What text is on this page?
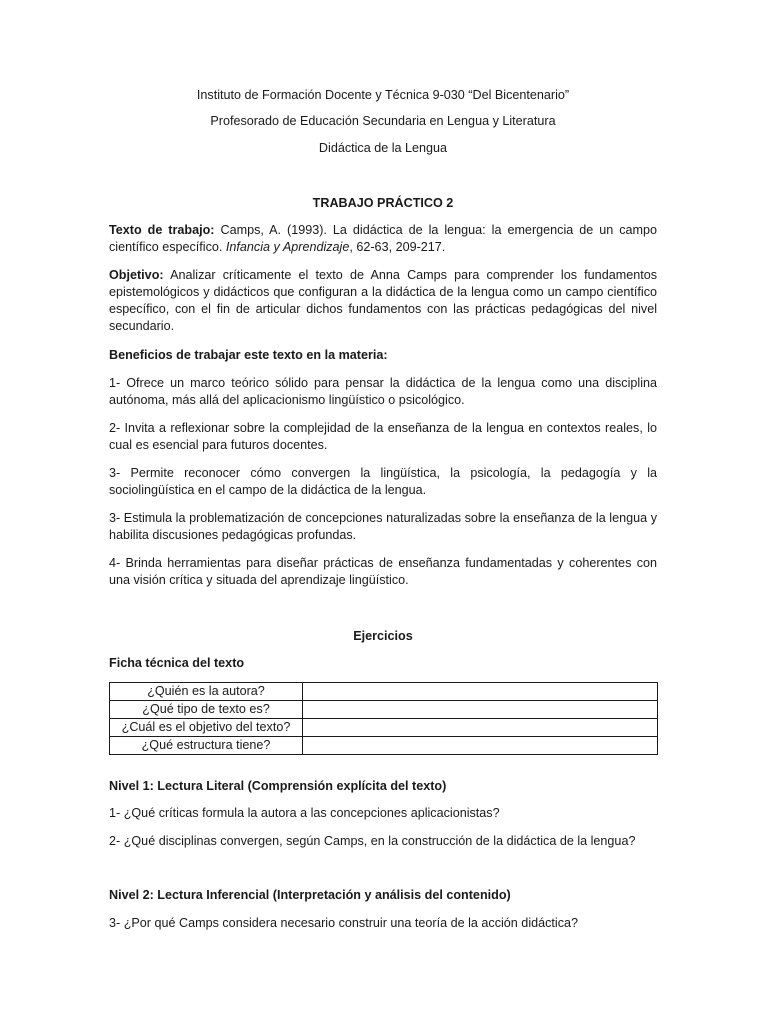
Instituto de Formación Docente y Técnica 9-030 “Del Bicentenario”

Profesorado de Educación Secundaria en Lengua y Literatura

Didáctica de la Lengua

TRABAJO PRÁCTICO 2

Texto de trabajo: Camps, A. (1993). La didáctica de la lengua: la emergencia de un campo científico específico. Infancia y Aprendizaje, 62-63, 209-217.

Objetivo: Analizar críticamente el texto de Anna Camps para comprender los fundamentos epistemológicos y didácticos que configuran a la didáctica de la lengua como un campo científico específico, con el fin de articular dichos fundamentos con las prácticas pedagógicas del nivel secundario.

Beneficios de trabajar este texto en la materia:

1- Ofrece un marco teórico sólido para pensar la didáctica de la lengua como una disciplina autónoma, más allá del aplicacionismo lingüístico o psicológico.

2- Invita a reflexionar sobre la complejidad de la enseñanza de la lengua en contextos reales, lo cual es esencial para futuros docentes.

3- Permite reconocer cómo convergen la lingüística, la psicología, la pedagogía y la sociolingüística en el campo de la didáctica de la lengua.

3- Estimula la problematización de concepciones naturalizadas sobre la enseñanza de la lengua y habilita discusiones pedagógicas profundas.

4- Brinda herramientas para diseñar prácticas de enseñanza fundamentadas y coherentes con una visión crítica y situada del aprendizaje lingüístico.

Ejercicios

Ficha técnica del texto

¿Quién es la autora?	
¿Qué tipo de texto es?	
¿Cuál es el objetivo del texto?	
¿Qué estructura tiene?	

Nivel 1: Lectura Literal (Comprensión explícita del texto)

1- ¿Qué críticas formula la autora a las concepciones aplicacionistas?

2- ¿Qué disciplinas convergen, según Camps, en la construcción de la didáctica de la lengua?

Nivel 2: Lectura Inferencial (Interpretación y análisis del contenido)

3- ¿Por qué Camps considera necesario construir una teoría de la acción didáctica?
